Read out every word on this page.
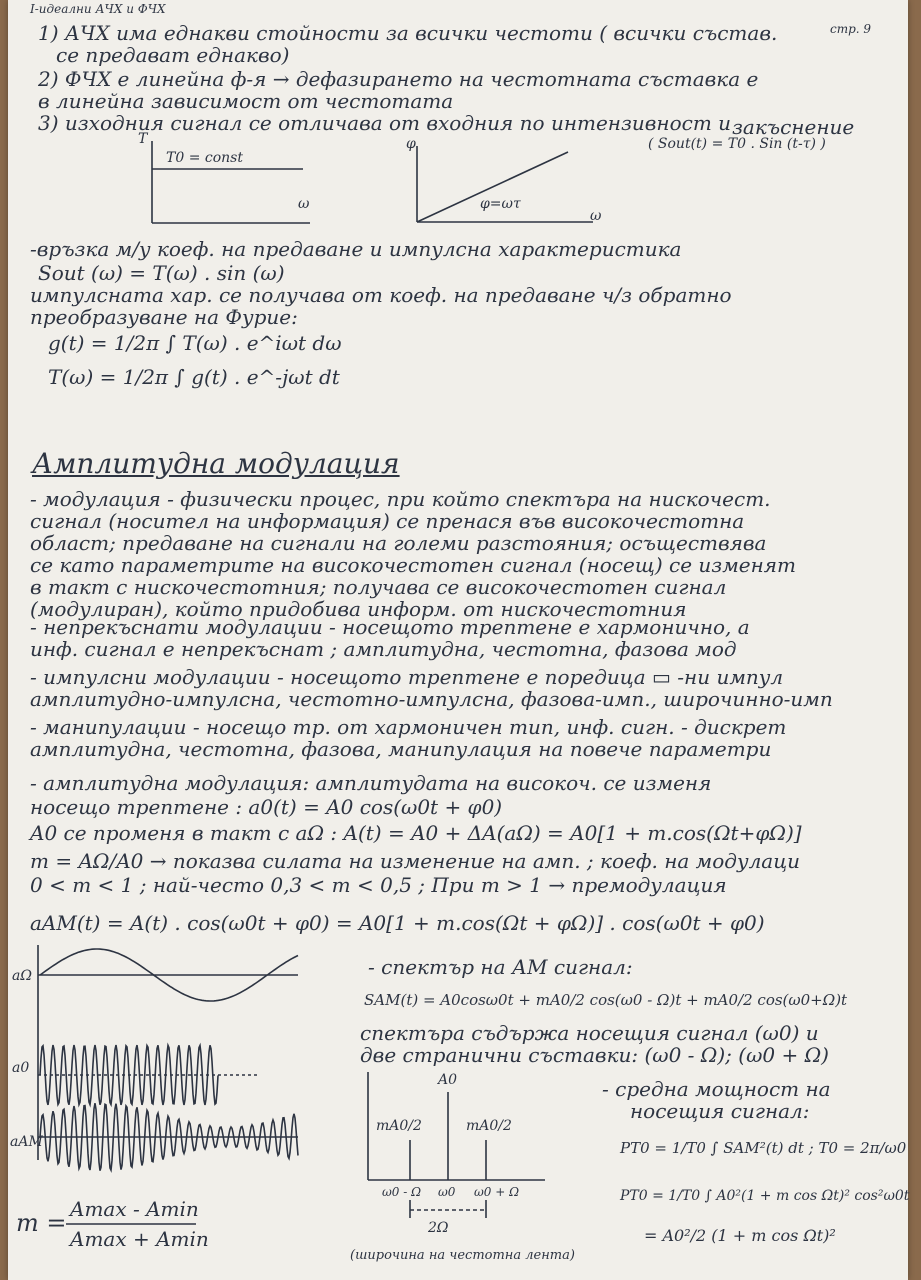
I-идеални АЧХ и ФЧХ
стр. 9
1) АЧХ има еднакви стойности за всички честоти ( всички състав.
се предават еднакво)
2) ФЧХ е линейна ф-я → дефазирането на честотната съставка е
в линейна зависимост от честотата
3) изходния сигнал се отличава от входния по интензивност и закъснение
( Sout(t) = T0 . Sin (t-τ) )
T
ω
T0 = const
φ
ω
φ=ωτ
-връзка м/у коеф. на предаване и импулсна характеристика
Sout (ω) = T(ω) . sin (ω)
импулсната хар. се получава от коеф. на предаване ч/з обратно
преобразуване на Фурие:
g(t) = 1/2π ∫ T(ω) . e^iωt dω
T(ω) = 1/2π ∫ g(t) . e^-jωt dt
Амплитудна модулация
- модулация - физически процес, при който спектъра на нискочест.
сигнал (носител на информация) се пренася във високочестотна
област; предаване на сигнали на големи разстояния; осъществява
се като параметрите на високочестотен сигнал (носещ) се изменят
в такт с нискочестотния; получава се високочестотен сигнал
(модулиран), който придобива информ. от нискочестотния
- непрекъснати модулации - носещото трептене е хармонично, а
инф. сигнал е непрекъснат ; амплитудна, честотна, фазова мод
- импулсни модулации - носещото трептене е поредица ▭ -ни импул
амплитудно-импулсна, честотно-импулсна, фазова-имп., широчинно-имп
- манипулации - носещо тр. от хармоничен тип, инф. сигн. - дискрет
амплитудна, честотна, фазова, манипулация на повече параметри
- амплитудна модулация: амплитудата на високоч. се изменя
носещо трептене : a0(t) = A0 cos(ω0t + φ0)
A0 се променя в такт с aΩ : A(t) = A0 + ΔA(aΩ) = A0[1 + m.cos(Ωt+φΩ)]
m = AΩ/A0 → показва силата на изменение на амп. ; коеф. на модулаци
0 < m < 1 ; най-често 0,3 < m < 0,5 ; При m > 1 → премодулация
aAM(t) = A(t) . cos(ω0t + φ0) = A0[1 + m.cos(Ωt + φΩ)] . cos(ω0t + φ0)
aΩ
a0
aAM
m = Amax - Amin
Amax + Amin
- спектър на АМ сигнал:
SAM(t) = A0cosω0t + mA0/2 cos(ω0 - Ω)t + mA0/2 cos(ω0+Ω)t
спектъра съдържа носещия сигнал (ω0) и
две странични съставки: (ω0 - Ω); (ω0 + Ω)
A0
mA0/2	mA0/2
ω0 - Ω ω0 ω0 + Ω
2Ω
(широчина на честотна лента)
- средна мощност на
носещия сигнал:
PT0 = 1/T0 ∫ SAM²(t) dt ; T0 = 2π/ω0
PT0 = 1/T0 ∫ A0²(1 + m cos Ωt)² cos²ω0t
= A0²/2 (1 + m cos Ωt)²
